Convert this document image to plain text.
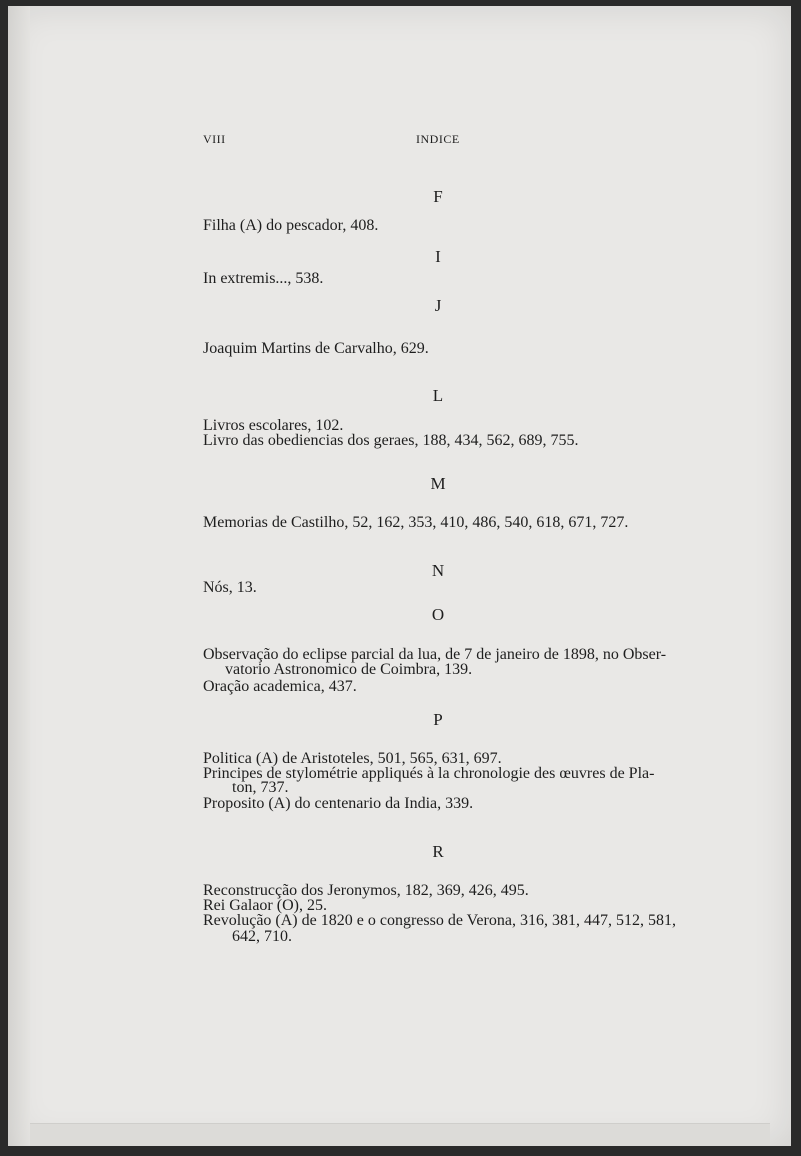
VIII	INDICE
F
Filha (A) do pescador, 408.
I
In extremis..., 538.
J
Joaquim Martins de Carvalho, 629.
L
Livros escolares, 102.
Livro das obediencias dos geraes, 188, 434, 562, 689, 755.
M
Memorias de Castilho, 52, 162, 353, 410, 486, 540, 618, 671, 727.
N
Nós, 13.
O
Observação do eclipse parcial da lua, de 7 de janeiro de 1898, no Obser-
vatorio Astronomico de Coimbra, 139.
Oração academica, 437.
P
Politica (A) de Aristoteles, 501, 565, 631, 697.
Principes de stylométrie appliqués à la chronologie des œuvres de Pla-
ton, 737.
Proposito (A) do centenario da India, 339.
R
Reconstrucção dos Jeronymos, 182, 369, 426, 495.
Rei Galaor (O), 25.
Revolução (A) de 1820 e o congresso de Verona, 316, 381, 447, 512, 581,
642, 710.
